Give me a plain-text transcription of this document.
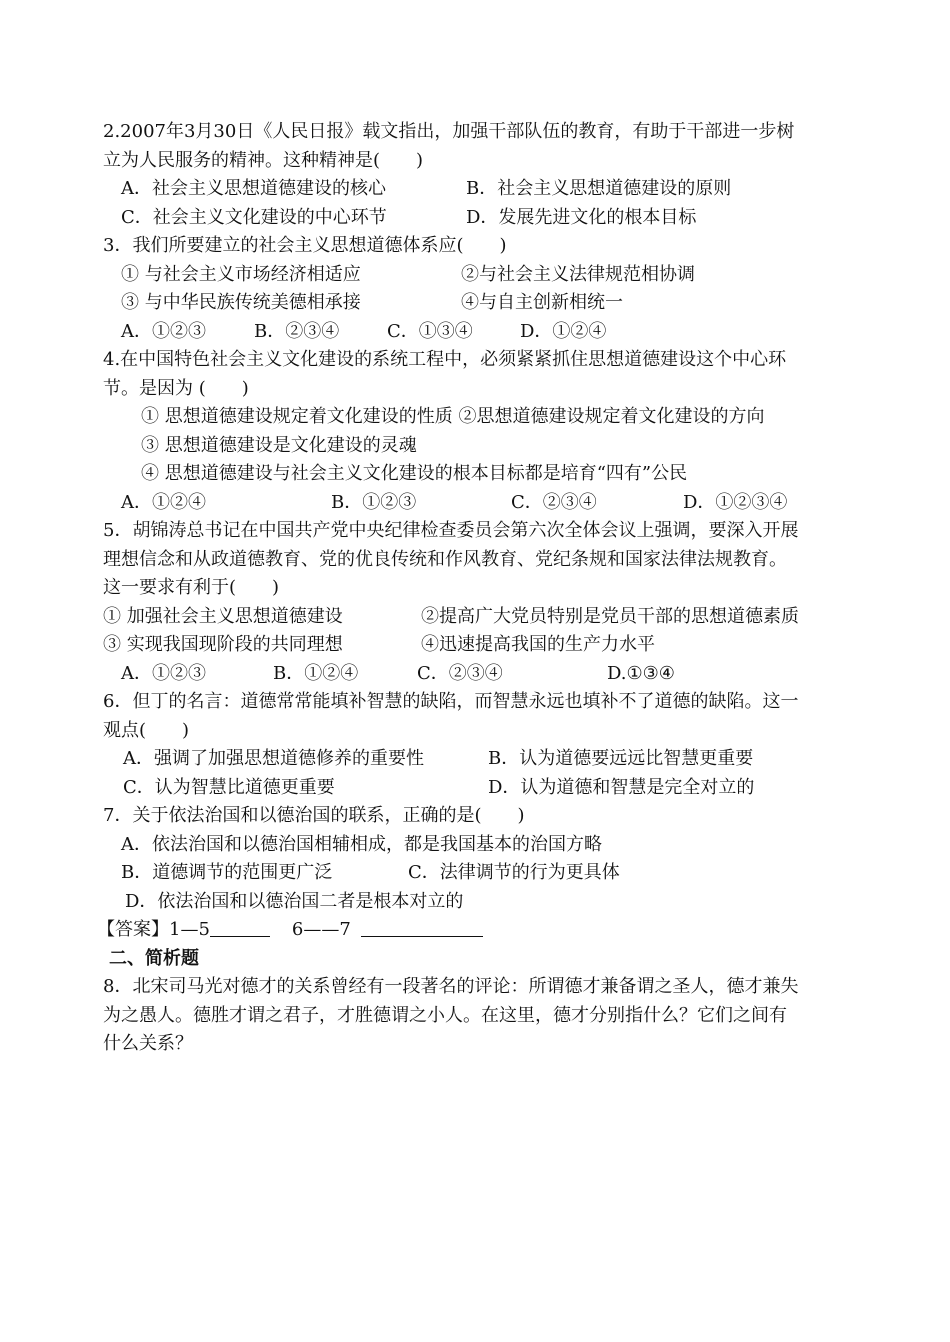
2.2007年3月30日《人民日报》载文指出，加强干部队伍的教育，有助于干部进一步树
立为人民服务的精神。这种精神是(　　)
A．社会主义思想道德建设的核心	B．社会主义思想道德建设的原则
C．社会主义文化建设的中心环节	D．发展先进文化的根本目标
3．我们所要建立的社会主义思想道德体系应(　　)
① 与社会主义市场经济相适应	②与社会主义法律规范相协调
③ 与中华民族传统美德相承接	④与自主创新相统一
A．①②③	B．②③④	C．①③④	D．①②④
4.在中国特色社会主义文化建设的系统工程中，必须紧紧抓住思想道德建设这个中心环
节。是因为 (　　)
① 思想道德建设规定着文化建设的性质 ②思想道德建设规定着文化建设的方向
③ 思想道德建设是文化建设的灵魂
④ 思想道德建设与社会主义文化建设的根本目标都是培育“四有”公民
A．①②④	B．①②③	C．②③④	D．①②③④
5．胡锦涛总书记在中国共产党中央纪律检查委员会第六次全体会议上强调，要深入开展
理想信念和从政道德教育、党的优良传统和作风教育、党纪条规和国家法律法规教育。
这一要求有利于(　　)
① 加强社会主义思想道德建设	②提高广大党员特别是党员干部的思想道德素质
③ 实现我国现阶段的共同理想	④迅速提高我国的生产力水平
A．①②③	B．①②④	C．②③④	D.①③④
6．但丁的名言：道德常常能填补智慧的缺陷，而智慧永远也填补不了道德的缺陷。这一
观点(　　)
A．强调了加强思想道德修养的重要性	B．认为道德要远远比智慧更重要
C．认为智慧比道德更重要	D．认为道德和智慧是完全对立的
7．关于依法治国和以德治国的联系，正确的是(　　)
A．依法治国和以德治国相辅相成，都是我国基本的治国方略
B．道德调节的范围更广泛	C．法律调节的行为更具体
D．依法治国和以德治国二者是根本对立的
【答案】 1—5	6——7
二、简析题
8．北宋司马光对德才的关系曾经有一段著名的评论：所谓德才兼备谓之圣人，德才兼失
为之愚人。德胜才谓之君子，才胜德谓之小人。在这里，德才分别指什么？它们之间有
什么关系？
